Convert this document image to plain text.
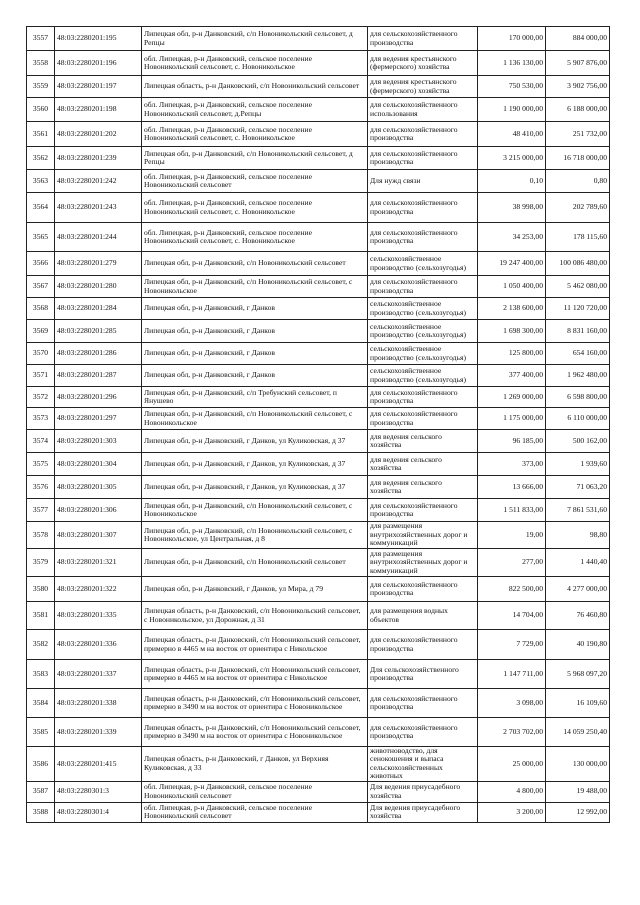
3557	48:03:2280201:195	Липецкая обл, р-н Данковский, с/п Новоникольский сельсовет, д Репцы	для сельскохозяйственного производства	170 000,00	884 000,00
3558	48:03:2280201:196	обл. Липецкая, р-н Данковский, сельское поселение Новоникольский сельсовет, с. Новоникольское	для ведения крестьянского (фермерского) хозяйства	1 136 130,00	5 907 876,00
3559	48:03:2280201:197	Липецкая область, р-н Данковский, с/п Новоникольский сельсовет	для ведения крестьянского (фермерского) хозяйства	750 530,00	3 902 756,00
3560	48:03:2280201:198	обл. Липецкая, р-н Данковский, сельское поселение Новоникольский сельсовет, д.Репцы	для сельскохозяйственного использования	1 190 000,00	6 188 000,00
3561	48:03:2280201:202	обл. Липецкая, р-н Данковский, сельское поселение Новоникольский сельсовет, с. Новоникольское	для сельскохозяйственного производства	48 410,00	251 732,00
3562	48:03:2280201:239	Липецкая обл, р-н Данковский, с/п Новоникольский сельсовет, д Репцы	для сельскохозяйственного производства	3 215 000,00	16 718 000,00
3563	48:03:2280201:242	обл. Липецкая, р-н Данковский, сельское поселение Новоникольский сельсовет	Для нужд связи	0,10	0,80
3564	48:03:2280201:243	обл. Липецкая, р-н Данковский, сельское поселение Новоникольский сельсовет, с. Новоникольское	для сельскохозяйственного производства	38 998,00	202 789,60
3565	48:03:2280201:244	обл. Липецкая, р-н Данковский, сельское поселение Новоникольский сельсовет, с. Новоникольское	для сельскохозяйственного производства	34 253,00	178 115,60
3566	48:03:2280201:279	Липецкая обл, р-н Данковский, с/п Новоникольский сельсовет	сельскохозяйственное производство (сельхозугодья)	19 247 400,00	100 086 480,00
3567	48:03:2280201:280	Липецкая обл, р-н Данковский, с/п Новоникольский сельсовет, с Новоникольское	для сельскохозяйственного производства	1 050 400,00	5 462 080,00
3568	48:03:2280201:284	Липецкая обл, р-н Данковский, г Данков	сельскохозяйственное производство (сельхозугодья)	2 138 600,00	11 120 720,00
3569	48:03:2280201:285	Липецкая обл, р-н Данковский, г Данков	сельскохозяйственное производство (сельхозугодья)	1 698 300,00	8 831 160,00
3570	48:03:2280201:286	Липецкая обл, р-н Данковский, г Данков	сельскохозяйственное производство (сельхозугодья)	125 800,00	654 160,00
3571	48:03:2280201:287	Липецкая обл, р-н Данковский, г Данков	сельскохозяйственное производство (сельхозугодья)	377 400,00	1 962 480,00
3572	48:03:2280201:296	Липецкая обл, р-н Данковский, с/п Требунский сельсовет, п Янушево	для сельскохозяйственного производства	1 269 000,00	6 598 800,00
3573	48:03:2280201:297	Липецкая обл, р-н Данковский, с/п Новоникольский сельсовет, с Новоникольское	для сельскохозяйственного производства	1 175 000,00	6 110 000,00
3574	48:03:2280201:303	Липецкая обл, р-н Данковский, г Данков, ул Куликовская, д 37	для ведения сельского хозяйства	96 185,00	500 162,00
3575	48:03:2280201:304	Липецкая обл, р-н Данковский, г Данков, ул Куликовская, д 37	для ведения сельского хозяйства	373,00	1 939,60
3576	48:03:2280201:305	Липецкая обл, р-н Данковский, г Данков, ул Куликовская, д 37	для ведения сельского хозяйства	13 666,00	71 063,20
3577	48:03:2280201:306	Липецкая обл, р-н Данковский, с/п Новоникольский сельсовет, с Новоникольское	для сельскохозяйственного производства	1 511 833,00	7 861 531,60
3578	48:03:2280201:307	Липецкая обл, р-н Данковский, с/п Новоникольский сельсовет, с Новоникольское, ул Центральная, д 8	для размещения внутрихозяйственных дорог и коммуникаций	19,00	98,80
3579	48:03:2280201:321	Липецкая обл, р-н Данковский, с/п Новоникольский сельсовет	для размещения внутрихозяйственных дорог и коммуникаций	277,00	1 440,40
3580	48:03:2280201:322	Липецкая обл, р-н Данковский, г Данков, ул Мира, д 79	для сельскохозяйственного производства	822 500,00	4 277 000,00
3581	48:03:2280201:335	Липецкая область, р-н Данковский, с/п Новоникольский сельсовет, с Новоникольское, ул Дорожная, д 31	для размещения водных объектов	14 704,00	76 460,80
3582	48:03:2280201:336	Липецкая область, р-н Данковский, с/п Новоникольский сельсовет, примерно в 4465 м на восток от ориентира с Никольское	для сельскохозяйственного производства	7 729,00	40 190,80
3583	48:03:2280201:337	Липецкая область, р-н Данковский, с/п Новоникольский сельсовет, примерно в 4465 м на восток от ориентира с Никольское	Для сельскохозяйственного производства	1 147 711,00	5 968 097,20
3584	48:03:2280201:338	Липецкая область, р-н Данковский, с/п Новоникольский сельсовет, примерно в 3490 м на восток от ориентира с Новоникольское	для сельскохозяйственного производства	3 098,00	16 109,60
3585	48:03:2280201:339	Липецкая область, р-н Данковский, с/п Новоникольский сельсовет, примерно в 3490 м на восток от ориентира с Новоникольское	для сельскохозяйственного производства	2 703 702,00	14 059 250,40
3586	48:03:2280201:415	Липецкая область, р-н Данковский, г Данков, ул Верхняя Куликовская, д 33	животноводство, для сенокошения и выпаса сельскохозяйственных животных	25 000,00	130 000,00
3587	48:03:2280301:3	обл. Липецкая, р-н Данковский, сельское поселение Новоникольский сельсовет	Для ведения приусадебного хозяйства	4 800,00	19 488,00
3588	48:03:2280301:4	обл. Липецкая, р-н Данковский, сельское поселение Новоникольский сельсовет	Для ведения приусадебного хозяйства	3 200,00	12 992,00
